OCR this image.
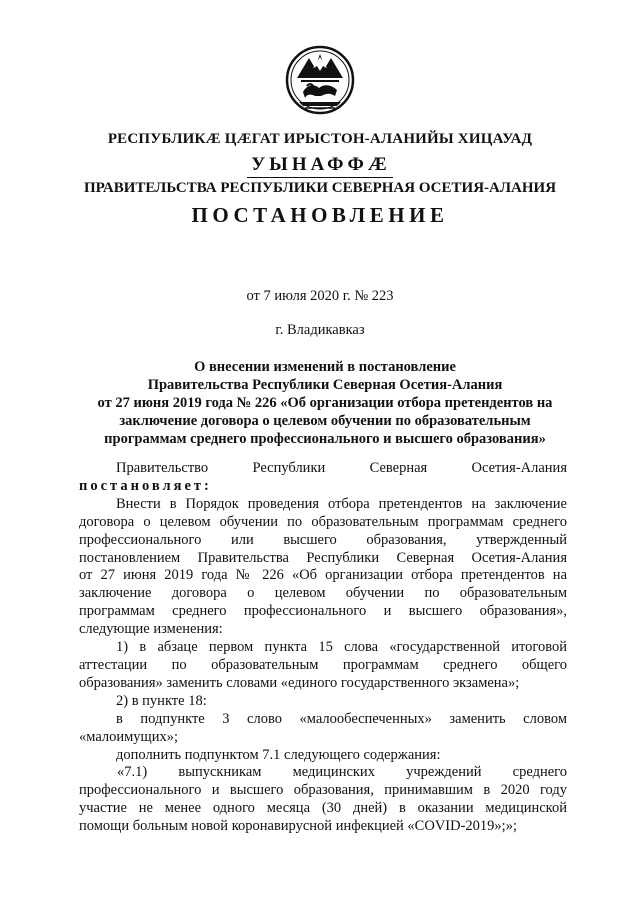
РЕСПУБЛИКÆ ЦÆГАТ ИРЫСТОН-АЛАНИЙЫ ХИЦАУАД
УЫНАФФÆ
ПРАВИТЕЛЬСТВА РЕСПУБЛИКИ СЕВЕРНАЯ ОСЕТИЯ-АЛАНИЯ
ПОСТАНОВЛЕНИЕ
от 7 июля 2020 г. № 223
г. Владикавказ
О внесении изменений в постановление
Правительства Республики Северная Осетия-Алания
от 27 июня 2019 года № 226 «Об организации отбора претендентов на
заключение договора о целевом обучении по образовательным
программам среднего профессионального и высшего образования»
Правительство Республики Северная Осетия-Алания
постановляет:
Внести в Порядок проведения отбора претендентов на заключение
договора о целевом обучении по образовательным программам среднего
профессионального или высшего образования, утвержденный
постановлением Правительства Республики Северная Осетия-Алания
от 27 июня 2019 года № 226 «Об организации отбора претендентов на
заключение договора о целевом обучении по образовательным
программам среднего профессионального и высшего образования»,
следующие изменения:
1) в абзаце первом пункта 15 слова «государственной итоговой
аттестации по образовательным программам среднего общего
образования» заменить словами «единого государственного экзамена»;
2) в пункте 18:
в подпункте 3 слово «малообеспеченных» заменить словом
«малоимущих»;
дополнить подпунктом 7.1 следующего содержания:
«7.1) выпускникам медицинских учреждений среднего
профессионального и высшего образования, принимавшим в 2020 году
участие не менее одного месяца (30 дней) в оказании медицинской
помощи больным новой коронавирусной инфекцией «COVID-2019»;»;
